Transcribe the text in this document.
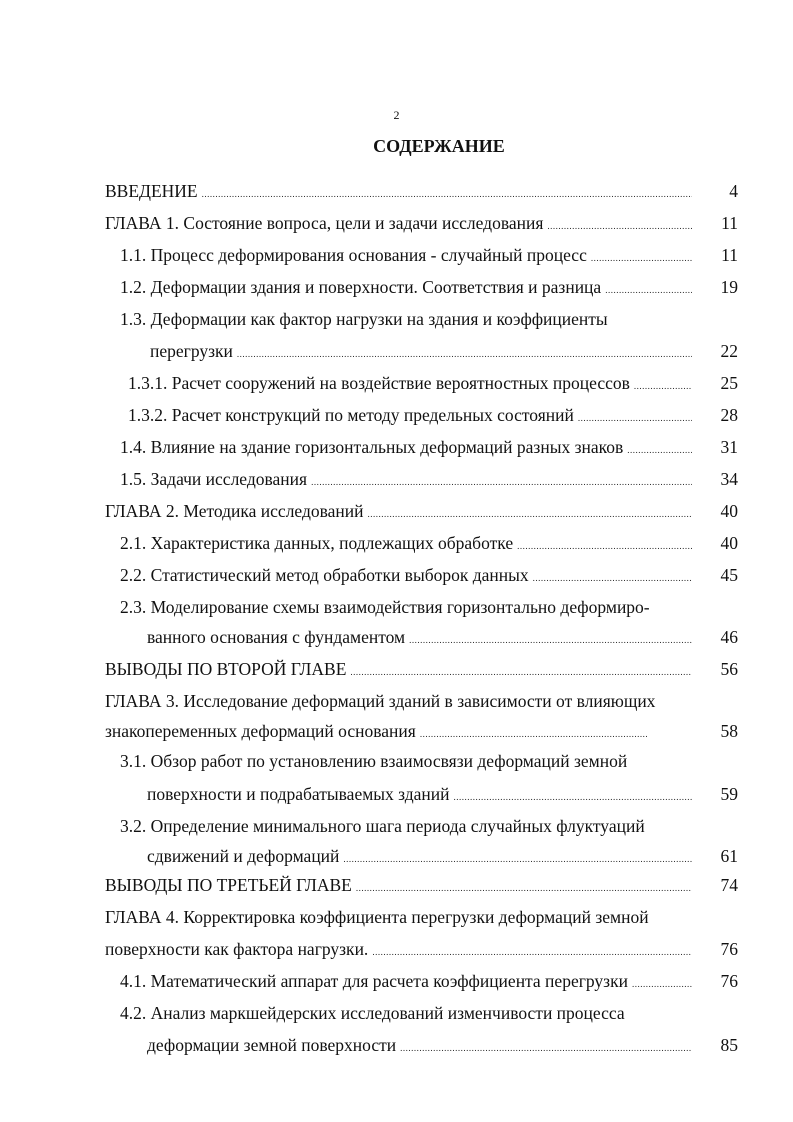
2
СОДЕРЖАНИЕ
ВВЕДЕНИЕ .....	4
ГЛАВА 1. Состояние вопроса, цели и задачи исследования .....	11
1.1. Процесс деформирования основания - случайный процесс .....	11
1.2. Деформации здания и поверхности. Соответствия и разница .....	19
1.3. Деформации как фактор нагрузки на здания и коэффициенты
перегрузки .....	22
1.3.1. Расчет сооружений на воздействие вероятностных процессов .....	25
1.3.2. Расчет конструкций по методу предельных состояний .....	28
1.4. Влияние на здание горизонтальных деформаций разных знаков .....	31
1.5. Задачи исследования .....	34
ГЛАВА 2. Методика исследований .....	40
2.1. Характеристика данных, подлежащих обработке .....	40
2.2. Статистический метод обработки выборок данных .....	45
2.3. Моделирование схемы взаимодействия горизонтально деформиро-
ванного основания с фундаментом .....	46
ВЫВОДЫ ПО ВТОРОЙ ГЛАВЕ .....	56
ГЛАВА 3. Исследование деформаций зданий в зависимости от влияющих
знакопеременных деформаций основания .....	58
3.1. Обзор работ по установлению взаимосвязи деформаций земной
поверхности и подрабатываемых зданий .....	59
3.2. Определение минимального шага периода случайных флуктуаций
сдвижений и деформаций .....	61
ВЫВОДЫ ПО ТРЕТЬЕЙ ГЛАВЕ .....	74
ГЛАВА 4. Корректировка коэффициента перегрузки деформаций земной
поверхности как фактора нагрузки. .....	76
4.1. Математический аппарат для расчета коэффициента перегрузки .....	76
4.2. Анализ маркшейдерских исследований изменчивости процесса
деформации земной поверхности .....	85
